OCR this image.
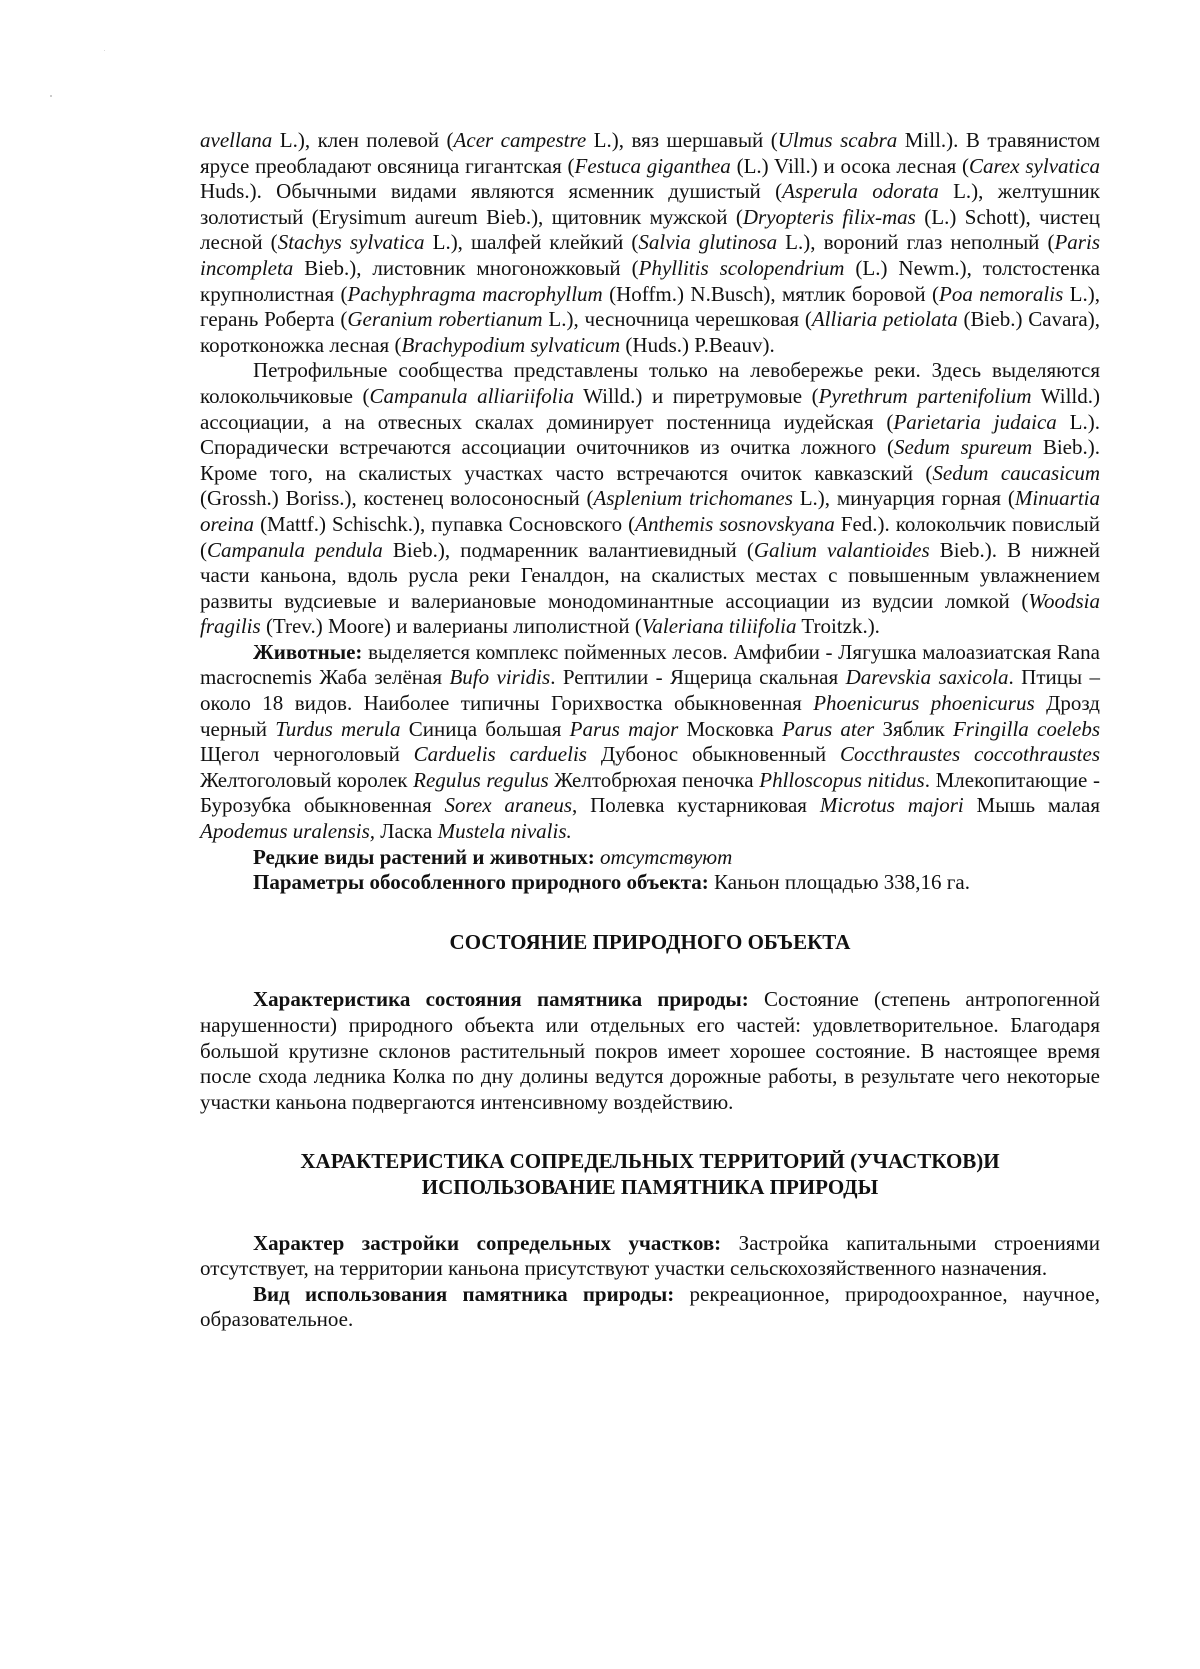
avellana L.), клен полевой (Acer campestre L.), вяз шершавый (Ulmus scabra Mill.). В травянистом ярусе преобладают овсяница гигантская (Festuca giganthea (L.) Vill.) и осока лесная (Carex sylvatica Huds.). Обычными видами являются ясменник душистый (Asperula odorata L.), желтушник золотистый (Erysimum aureum Bieb.), щитовник мужской (Dryopteris filix-mas (L.) Schott), чистец лесной (Stachys sylvatica L.), шалфей клейкий (Salvia glutinosa L.), вороний глаз неполный (Paris incompleta Bieb.), листовник многоножковый (Phyllitis scolopendrium (L.) Newm.), толстостенка крупнолистная (Pachyphragma macrophyllum (Hoffm.) N.Busch), мятлик боровой (Poa nemoralis L.), герань Роберта (Geranium robertianum L.), чесночница черешковая (Alliaria petiolata (Bieb.) Cavara), коротконожка лесная (Brachypodium sylvaticum (Huds.) P.Beauv).

Петрофильные сообщества представлены только на левобережье реки. Здесь выделяются колокольчиковые (Campanula alliariifolia Willd.) и пиретрумовые (Pyrethrum partenifolium Willd.) ассоциации, а на отвесных скалах доминирует постенница иудейская (Parietaria judaica L.). Спорадически встречаются ассоциации очиточников из очитка ложного (Sedum spureum Bieb.). Кроме того, на скалистых участках часто встречаются очиток кавказский (Sedum caucasicum (Grossh.) Boriss.), костенец волосоносный (Asplenium trichomanes L.), минуарция горная (Minuartia oreina (Mattf.) Schischk.), пупавка Сосновского (Anthemis sosnovskyana Fed.). колокольчик повислый (Campanula pendula Bieb.), подмаренник валантиевидный (Galium valantioides Bieb.). В нижней части каньона, вдоль русла реки Геналдон, на скалистых местах с повышенным увлажнением развиты вудсиевые и валериановые монодоминантные ассоциации из вудсии ломкой (Woodsia fragilis (Trev.) Moore) и валерианы липолистной (Valeriana tiliifolia Troitzk.).

Животные: выделяется комплекс пойменных лесов. Амфибии - Лягушка малоазиатская Rana macrocnemis Жаба зелёная Bufo viridis. Рептилии - Ящерица скальная Darevskia saxicola. Птицы – около 18 видов. Наиболее типичны Горихвостка обыкновенная Phoenicurus phoenicurus Дрозд черный Turdus merula Синица большая Parus major Московка Parus ater Зяблик Fringilla coelebs Щегол черноголовый Carduelis carduelis Дубонос обыкновенный Coccthraustes coccothraustes Желтоголовый королек Regulus regulus Желтобрюхая пеночка Phlloscopus nitidus. Млекопитающие - Бурозубка обыкновенная Sorex araneus, Полевка кустарниковая Microtus majori Мышь малая Apodemus uralensis, Ласка Mustela nivalis.

Редкие виды растений и животных: отсутствуют

Параметры обособленного природного объекта: Каньон площадью 338,16 га.

СОСТОЯНИЕ ПРИРОДНОГО ОБЪЕКТА

Характеристика состояния памятника природы: Состояние (степень антропогенной нарушенности) природного объекта или отдельных его частей: удовлетворительное. Благодаря большой крутизне склонов растительный покров имеет хорошее состояние. В настоящее время после схода ледника Колка по дну долины ведутся дорожные работы, в результате чего некоторые участки каньона подвергаются интенсивному воздействию.

ХАРАКТЕРИСТИКА СОПРЕДЕЛЬНЫХ ТЕРРИТОРИЙ (УЧАСТКОВ)И
ИСПОЛЬЗОВАНИЕ ПАМЯТНИКА ПРИРОДЫ

Характер застройки сопредельных участков: Застройка капитальными строениями отсутствует, на территории каньона присутствуют участки сельскохозяйственного назначения.

Вид использования памятника природы: рекреационное, природоохранное, научное, образовательное.
